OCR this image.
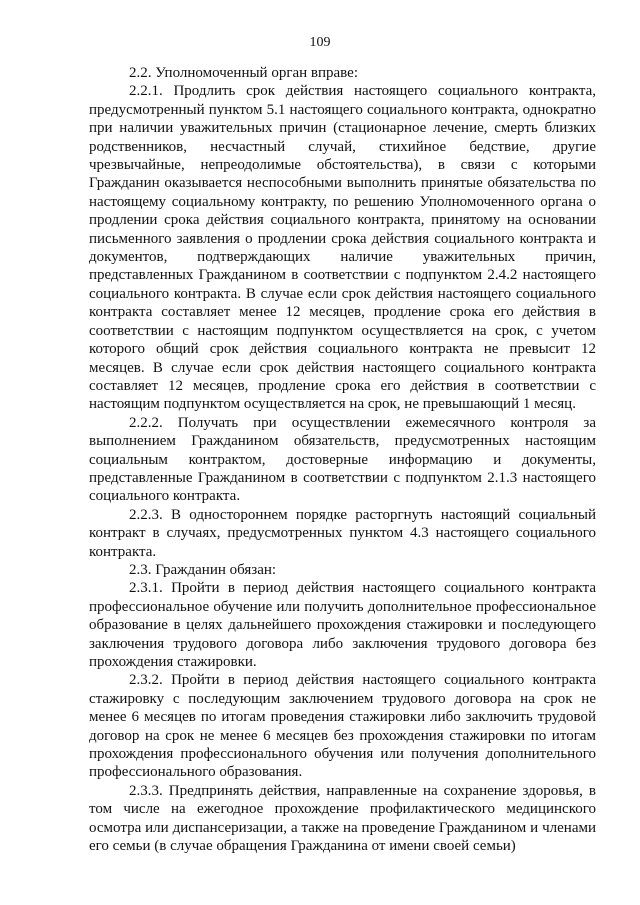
109

2.2. Уполномоченный орган вправе:

2.2.1. Продлить срок действия настоящего социального контракта, предусмотренный пунктом 5.1 настоящего социального контракта, однократно при наличии уважительных причин (стационарное лечение, смерть близких родственников, несчастный случай, стихийное бедствие, другие чрезвычайные, непреодолимые обстоятельства), в связи с которыми Гражданин оказывается неспособными выполнить принятые обязательства по настоящему социальному контракту, по решению Уполномоченного органа о продлении срока действия социального контракта, принятому на основании письменного заявления о продлении срока действия социального контракта и документов, подтверждающих наличие уважительных причин, представленных Гражданином в соответствии с подпунктом 2.4.2 настоящего социального контракта. В случае если срок действия настоящего социального контракта составляет менее 12 месяцев, продление срока его действия в соответствии с настоящим подпунктом осуществляется на срок, с учетом которого общий срок действия социального контракта не превысит 12 месяцев. В случае если срок действия настоящего социального контракта составляет 12 месяцев, продление срока его действия в соответствии с настоящим подпунктом осуществляется на срок, не превышающий 1 месяц.

2.2.2. Получать при осуществлении ежемесячного контроля за выполнением Гражданином обязательств, предусмотренных настоящим социальным контрактом, достоверные информацию и документы, представленные Гражданином в соответствии с подпунктом 2.1.3 настоящего социального контракта.

2.2.3. В одностороннем порядке расторгнуть настоящий социальный контракт в случаях, предусмотренных пунктом 4.3 настоящего социального контракта.

2.3. Гражданин обязан:

2.3.1. Пройти в период действия настоящего социального контракта профессиональное обучение или получить дополнительное профессиональное образование в целях дальнейшего прохождения стажировки и последующего заключения трудового договора либо заключения трудового договора без прохождения стажировки.

2.3.2. Пройти в период действия настоящего социального контракта стажировку с последующим заключением трудового договора на срок не менее 6 месяцев по итогам проведения стажировки либо заключить трудовой договор на срок не менее 6 месяцев без прохождения стажировки по итогам прохождения профессионального обучения или получения дополнительного профессионального образования.

2.3.3. Предпринять действия, направленные на сохранение здоровья, в том числе на ежегодное прохождение профилактического медицинского осмотра или диспансеризации, а также на проведение Гражданином и членами его семьи (в случае обращения Гражданина от имени своей семьи)
